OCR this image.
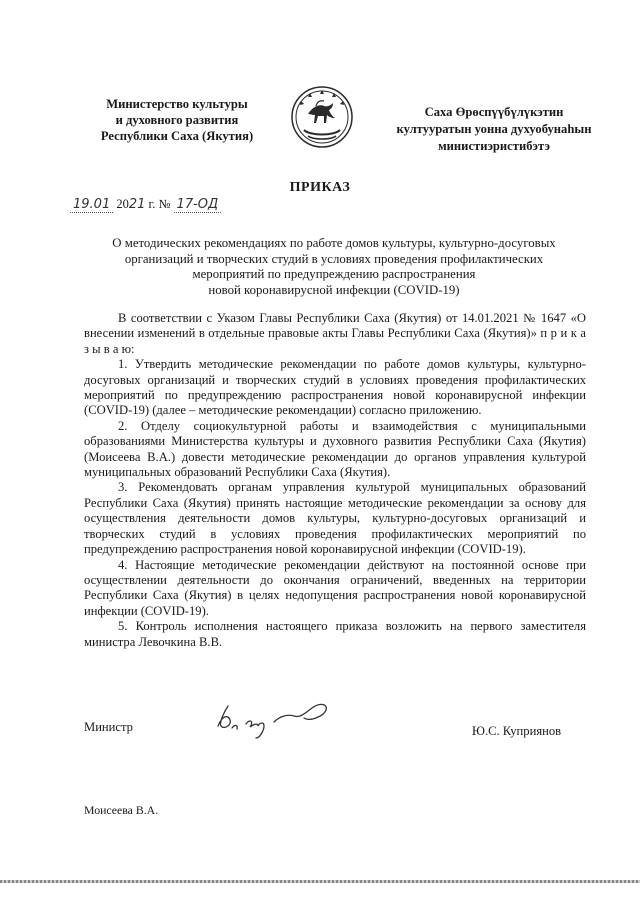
Министерство культуры
и духовного развития
Республики Саха (Якутия)
Саха Өрөспүүбүлүкэтин
култууратын уонна духуобунаһын
министиэристибэтэ
ПРИКАЗ
19.01 2021 г. № 17-ОД
О методических рекомендациях по работе домов культуры, культурно-досуговых
организаций и творческих студий в условиях проведения профилактических
мероприятий по предупреждению распространения
новой коронавирусной инфекции (COVID-19)

В соответствии с Указом Главы Республики Саха (Якутия) от 14.01.2021 № 1647 «О внесении изменений в отдельные правовые акты Главы Республики Саха (Якутия)» п р и к а з ы в а ю:

1. Утвердить методические рекомендации по работе домов культуры, культурно-досуговых организаций и творческих студий в условиях проведения профилактических мероприятий по предупреждению распространения новой коронавирусной инфекции (COVID-19) (далее – методические рекомендации) согласно приложению.

2. Отделу социокультурной работы и взаимодействия с муниципальными образованиями Министерства культуры и духовного развития Республики Саха (Якутия) (Моисеева В.А.) довести методические рекомендации до органов управления культурой муниципальных образований Республики Саха (Якутия).

3. Рекомендовать органам управления культурой муниципальных образований Республики Саха (Якутия) принять настоящие методические рекомендации за основу для осуществления деятельности домов культуры, культурно-досуговых организаций и творческих студий в условиях проведения профилактических мероприятий по предупреждению распространения новой коронавирусной инфекции (COVID-19).

4. Настоящие методические рекомендации действуют на постоянной основе при осуществлении деятельности до окончания ограничений, введенных на территории Республики Саха (Якутия) в целях недопущения распространения новой коронавирусной инфекции (COVID-19).

5. Контроль исполнения настоящего приказа возложить на первого заместителя министра Левочкина В.В.

Министр	Ю.С. Куприянов
Моисеева В.А.
